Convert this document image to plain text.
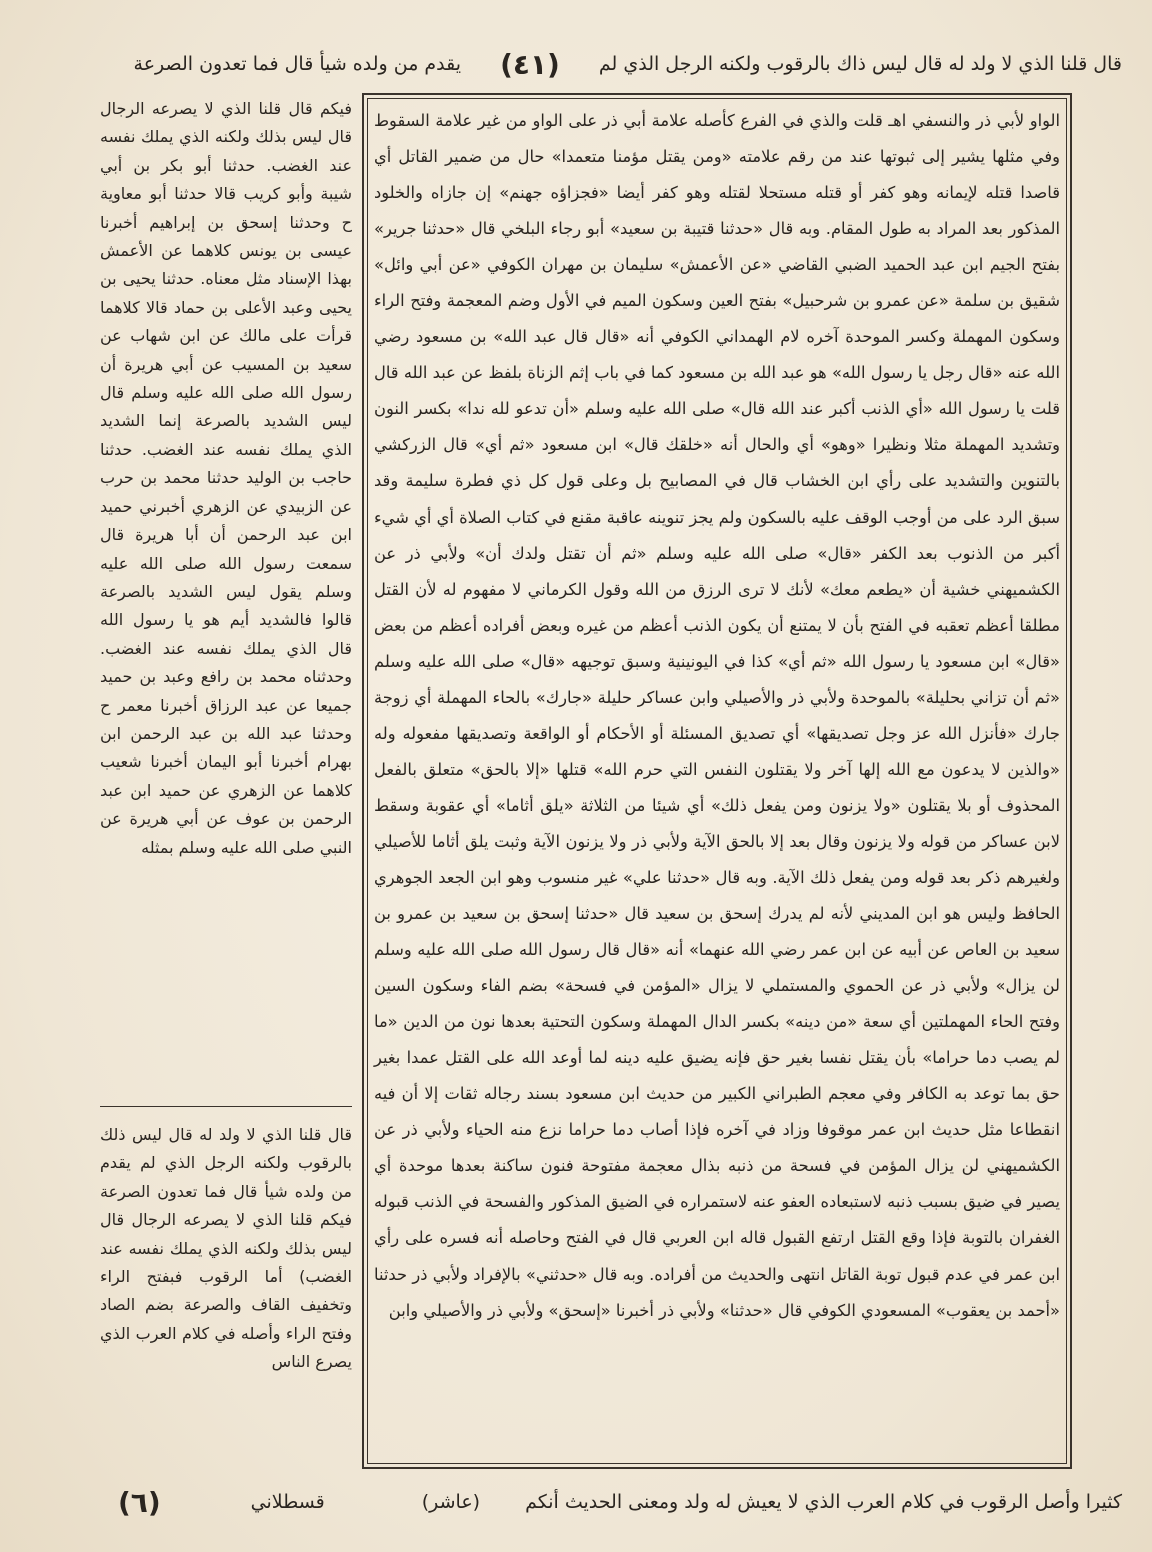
قال قلنا الذي لا ولد له قال ليس ذاك بالرقوب ولكنه الرجل الذي لم
(٤١)
يقدم من ولده شيأ قال فما تعدون الصرعة

الواو لأبي ذر والنسفي اهـ قلت والذي في الفرع كأصله علامة أبي ذر على الواو من غير علامة السقوط وفي مثلها يشير إلى ثبوتها عند من رقم علامته «ومن يقتل مؤمنا متعمدا» حال من ضمير القاتل أي قاصدا قتله لإيمانه وهو كفر أو قتله مستحلا لقتله وهو كفر أيضا «فجزاؤه جهنم» إن جازاه والخلود المذكور بعد المراد به طول المقام. وبه قال «حدثنا قتيبة بن سعيد» أبو رجاء البلخي قال «حدثنا جرير» بفتح الجيم ابن عبد الحميد الضبي القاضي «عن الأعمش» سليمان بن مهران الكوفي «عن أبي وائل» شقيق بن سلمة «عن عمرو بن شرحبيل» بفتح العين وسكون الميم في الأول وضم المعجمة وفتح الراء وسكون المهملة وكسر الموحدة آخره لام الهمداني الكوفي أنه «قال قال عبد الله» بن مسعود رضي الله عنه «قال رجل يا رسول الله» هو عبد الله بن مسعود كما في باب إثم الزناة بلفظ عن عبد الله قال قلت يا رسول الله «أي الذنب أكبر عند الله قال» صلى الله عليه وسلم «أن تدعو لله ندا» بكسر النون وتشديد المهملة مثلا ونظيرا «وهو» أي والحال أنه «خلقك قال» ابن مسعود «ثم أي» قال الزركشي بالتنوين والتشديد على رأي ابن الخشاب قال في المصابيح بل وعلى قول كل ذي فطرة سليمة وقد سبق الرد على من أوجب الوقف عليه بالسكون ولم يجز تنوينه عاقبة مقنع في كتاب الصلاة أي أي شيء أكبر من الذنوب بعد الكفر «قال» صلى الله عليه وسلم «ثم أن تقتل ولدك أن» ولأبي ذر عن الكشميهني خشية أن «يطعم معك» لأنك لا ترى الرزق من الله وقول الكرماني لا مفهوم له لأن القتل مطلقا أعظم تعقبه في الفتح بأن لا يمتنع أن يكون الذنب أعظم من غيره وبعض أفراده أعظم من بعض «قال» ابن مسعود يا رسول الله «ثم أي» كذا في اليونينية وسبق توجيهه «قال» صلى الله عليه وسلم «ثم أن تزاني بحليلة» بالموحدة ولأبي ذر والأصيلي وابن عساكر حليلة «جارك» بالحاء المهملة أي زوجة جارك «فأنزل الله عز وجل تصديقها» أي تصديق المسئلة أو الأحكام أو الواقعة وتصديقها مفعوله وله «والذين لا يدعون مع الله إلها آخر ولا يقتلون النفس التي حرم الله» قتلها «إلا بالحق» متعلق بالفعل المحذوف أو بلا يقتلون «ولا يزنون ومن يفعل ذلك» أي شيئا من الثلاثة «يلق أثاما» أي عقوبة وسقط لابن عساكر من قوله ولا يزنون وقال بعد إلا بالحق الآية ولأبي ذر ولا يزنون الآية وثبت يلق أثاما للأصيلي ولغيرهم ذكر بعد قوله ومن يفعل ذلك الآية. وبه قال «حدثنا علي» غير منسوب وهو ابن الجعد الجوهري الحافظ وليس هو ابن المديني لأنه لم يدرك إسحق بن سعيد قال «حدثنا إسحق بن سعيد بن عمرو بن سعيد بن العاص عن أبيه عن ابن عمر رضي الله عنهما» أنه «قال قال رسول الله صلى الله عليه وسلم لن يزال» ولأبي ذر عن الحموي والمستملي لا يزال «المؤمن في فسحة» بضم الفاء وسكون السين وفتح الحاء المهملتين أي سعة «من دينه» بكسر الدال المهملة وسكون التحتية بعدها نون من الدين «ما لم يصب دما حراما» بأن يقتل نفسا بغير حق فإنه يضيق عليه دينه لما أوعد الله على القتل عمدا بغير حق بما توعد به الكافر وفي معجم الطبراني الكبير من حديث ابن مسعود بسند رجاله ثقات إلا أن فيه انقطاعا مثل حديث ابن عمر موقوفا وزاد في آخره فإذا أصاب دما حراما نزع منه الحياء ولأبي ذر عن الكشميهني لن يزال المؤمن في فسحة من ذنبه بذال معجمة مفتوحة فنون ساكنة بعدها موحدة أي يصير في ضيق بسبب ذنبه لاستبعاده العفو عنه لاستمراره في الضيق المذكور والفسحة في الذنب قبوله الغفران بالتوبة فإذا وقع القتل ارتفع القبول قاله ابن العربي قال في الفتح وحاصله أنه فسره على رأي ابن عمر في عدم قبول توبة القاتل انتهى والحديث من أفراده. وبه قال «حدثني» بالإفراد ولأبي ذر حدثنا «أحمد بن يعقوب» المسعودي الكوفي قال «حدثنا» ولأبي ذر أخبرنا «إسحق» ولأبي ذر والأصيلي وابن

فيكم قال قلنا الذي لا يصرعه الرجال قال ليس بذلك ولكنه الذي يملك نفسه عند الغضب. حدثنا أبو بكر بن أبي شيبة وأبو كريب قالا حدثنا أبو معاوية ح وحدثنا إسحق بن إبراهيم أخبرنا عيسى بن يونس كلاهما عن الأعمش بهذا الإسناد مثل معناه. حدثنا يحيى بن يحيى وعبد الأعلى بن حماد قالا كلاهما قرأت على مالك عن ابن شهاب عن سعيد بن المسيب عن أبي هريرة أن رسول الله صلى الله عليه وسلم قال ليس الشديد بالصرعة إنما الشديد الذي يملك نفسه عند الغضب. حدثنا حاجب بن الوليد حدثنا محمد بن حرب عن الزبيدي عن الزهري أخبرني حميد ابن عبد الرحمن أن أبا هريرة قال سمعت رسول الله صلى الله عليه وسلم يقول ليس الشديد بالصرعة قالوا فالشديد أيم هو يا رسول الله قال الذي يملك نفسه عند الغضب. وحدثناه محمد بن رافع وعبد بن حميد جميعا عن عبد الرزاق أخبرنا معمر ح وحدثنا عبد الله بن عبد الرحمن ابن بهرام أخبرنا أبو اليمان أخبرنا شعيب كلاهما عن الزهري عن حميد ابن عبد الرحمن بن عوف عن أبي هريرة عن النبي صلى الله عليه وسلم بمثله

قال قلنا الذي لا ولد له قال ليس ذلك بالرقوب ولكنه الرجل الذي لم يقدم من ولده شيأ قال فما تعدون الصرعة فيكم قلنا الذي لا يصرعه الرجال قال ليس بذلك ولكنه الذي يملك نفسه عند الغضب) أما الرقوب فبفتح الراء وتخفيف القاف والصرعة بضم الصاد وفتح الراء وأصله في كلام العرب الذي يصرع الناس

كثيرا وأصل الرقوب في كلام العرب الذي لا يعيش له ولد ومعنى الحديث أنكم
(عاشر)
قسطلاني
(٦)
